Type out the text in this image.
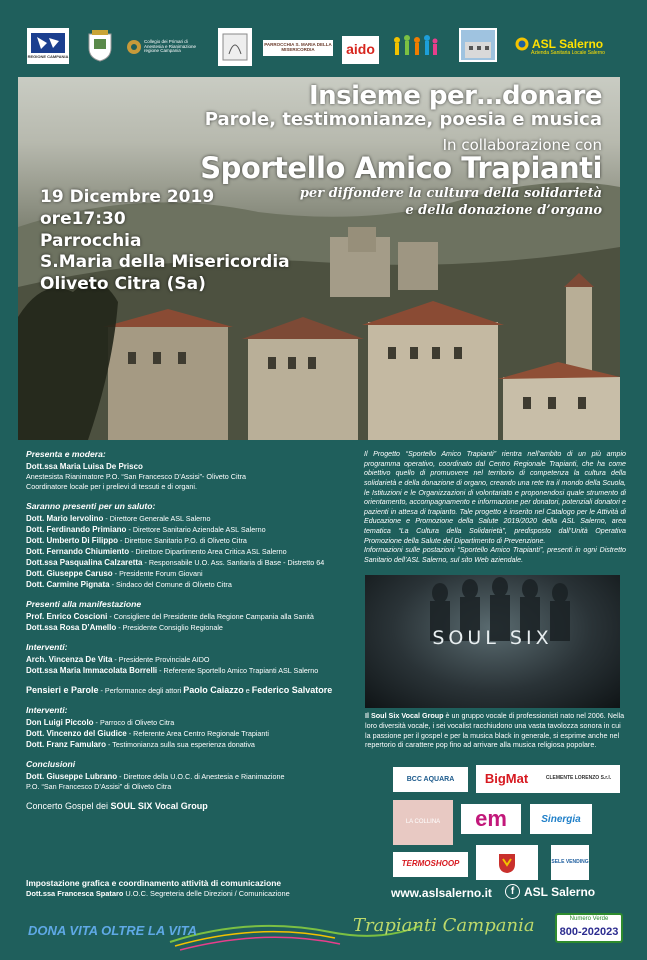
REGIONE CAMPANIA
Collegio dei Primari di Anestesia e Rianimazione regione Campania
PARROCCHIA S. MARIA DELLA MISERICORDIA	aido	ASL Salerno
Azienda Sanitaria Locale Salerno
Insieme per…donare
Parole, testimonianze, poesia e musica
In collaborazione con
Sportello Amico Trapianti
per diffondere la cultura della solidarietà
e della donazione d’organo
19 Dicembre 2019
ore17:30
Parrocchia
S.Maria della Misericordia
Oliveto Citra (Sa)
Presenta e modera:
Dott.ssa Maria Luisa De Prisco
Anestesista Rianimatore P.O. “San Francesco D’Assisi”- Oliveto Citra
Coordinatore locale per i prelievi di tessuti e di organi.
Saranno presenti per un saluto:
Dott. Mario Iervolino - Direttore Generale ASL Salerno
Dott. Ferdinando Primiano - Direttore Sanitario Aziendale ASL Salerno
Dott. Umberto Di Filippo - Direttore Sanitario P.O. di Oliveto Citra
Dott. Fernando Chiumiento - Direttore Dipartimento Area Critica ASL Salerno
Dott.ssa Pasqualina Calzaretta - Responsabile U.O. Ass. Sanitaria di Base - Distretto 64
Dott. Giuseppe Caruso - Presidente Forum Giovani
Dott. Carmine Pignata - Sindaco del Comune di Oliveto Citra
Presenti alla manifestazione
Prof. Enrico Coscioni - Consigliere del Presidente della Regione Campania alla Sanità
Dott.ssa Rosa D’Amello - Presidente Consiglio Regionale
Interventi:
Arch. Vincenza De Vita - Presidente Provinciale AIDO
Dott.ssa Maria Immacolata Borrelli - Referente Sportello Amico Trapianti ASL Salerno
Pensieri e Parole - Performance degli attori Paolo Caiazzo e Federico Salvatore
Interventi:
Don Luigi Piccolo - Parroco di Oliveto Citra
Dott. Vincenzo del Giudice - Referente Area Centro Regionale Trapianti
Dott. Franz Famularo - Testimonianza sulla sua esperienza donativa
Conclusioni
Dott. Giuseppe Lubrano - Direttore della U.O.C. di Anestesia e Rianimazione
P.O. “San Francesco D’Assisi” di Oliveto Citra
Concerto Gospel dei SOUL SIX Vocal Group
Impostazione grafica e coordinamento attività di comunicazione
Dott.ssa Francesca Spataro U.O.C. Segreteria delle Direzioni / Comunicazione
Il Progetto “Sportello Amico Trapianti” rientra nell’ambito di un più ampio programma operativo, coordinato dal Centro Regionale Trapianti, che ha come obiettivo quello di promuovere nel territorio di competenza la cultura della solidarietà e della donazione di organo, creando una rete tra il mondo della Scuola, le Istituzioni e le Organizzazioni di volontariato e proponendosi quale strumento di orientamento, accompagnamento e informazione per donatori, potenziali donatori e pazienti in attesa di trapianto. Tale progetto è inserito nel Catalogo per le Attività di Educazione e Promozione della Salute 2019/2020 della ASL Salerno, area tematica “La Cultura della Solidarietà”, predisposto dall’Unità Operativa Promozione della Salute del Dipartimento di Prevenzione.
Informazioni sulle postazioni “Sportello Amico Trapianti”, presenti in ogni Distretto Sanitario dell’ASL Salerno, sul sito Web aziendale.
SOUL SIX
Il Soul Six Vocal Group è un gruppo vocale di professionisti nato nel 2006. Nella loro diversità vocale, i sei vocalist racchiudono una vasta tavolozza sonora in cui la passione per il gospel e per la musica black in generale, si esprime anche nel repertorio di carattere pop fino ad arrivare alla musica religiosa popolare.
BCC AQUARA BigMat	CLEMENTE LORENZO S.r.l.
LA COLLINA em	Sinergia
TERMOSHOOP	SELE VENDING
www.aslsalerno.it	f ASL Salerno
DONA VITA OLTRE LA VITA	Trapianti Campania	Numero Verde
800-202023
